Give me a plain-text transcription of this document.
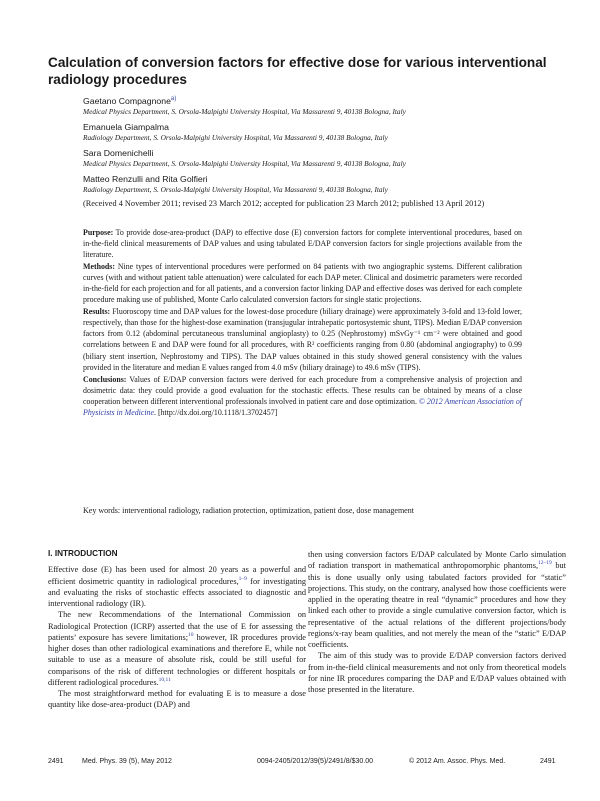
Calculation of conversion factors for effective dose for various interventional radiology procedures
Gaetano Compagnone$^{a)}$
Medical Physics Department, S. Orsola-Malpighi University Hospital, Via Massarenti 9, 40138 Bologna, Italy
Emanuela Giampalma
Radiology Department, S. Orsola-Malpighi University Hospital, Via Massarenti 9, 40138 Bologna, Italy
Sara Domenichelli
Medical Physics Department, S. Orsola-Malpighi University Hospital, Via Massarenti 9, 40138 Bologna, Italy
Matteo Renzulli and Rita Golfieri
Radiology Department, S. Orsola-Malpighi University Hospital, Via Massarenti 9, 40138 Bologna, Italy
(Received 4 November 2011; revised 23 March 2012; accepted for publication 23 March 2012; published 13 April 2012)

Purpose: To provide dose-area-product (DAP) to effective dose (E) conversion factors for complete interventional procedures, based on in-the-field clinical measurements of DAP values and using tabulated E/DAP conversion factors for single projections available from the literature.

Methods: Nine types of interventional procedures were performed on 84 patients with two angiographic systems. Different calibration curves (with and without patient table attenuation) were calculated for each DAP meter. Clinical and dosimetric parameters were recorded in-the-field for each projection and for all patients, and a conversion factor linking DAP and effective doses was derived for each complete procedure making use of published, Monte Carlo calculated conversion factors for single static projections.

Results: Fluoroscopy time and DAP values for the lowest-dose procedure (biliary drainage) were approximately 3-fold and 13-fold lower, respectively, than those for the highest-dose examination (transjugular intrahepatic portosystemic shunt, TIPS). Median E/DAP conversion factors from 0.12 (abdominal percutaneous transluminal angioplasty) to 0.25 (Nephrostomy) mSvGy⁻¹ cm⁻² were obtained and good correlations between E and DAP were found for all procedures, with R² coefficients ranging from 0.80 (abdominal angiography) to 0.99 (biliary stent insertion, Nephrostomy and TIPS). The DAP values obtained in this study showed general consistency with the values provided in the literature and median E values ranged from 4.0 mSv (biliary drainage) to 49.6 mSv (TIPS).

Conclusions: Values of E/DAP conversion factors were derived for each procedure from a comprehensive analysis of projection and dosimetric data: they could provide a good evaluation for the stochastic effects. These results can be obtained by means of a close cooperation between different interventional professionals involved in patient care and dose optimization. © 2012 American Association of Physicists in Medicine. [http://dx.doi.org/10.1118/1.3702457]

Key words: interventional radiology, radiation protection, optimization, patient dose, dose management
I. INTRODUCTION

Effective dose (E) has been used for almost 20 years as a powerful and efficient dosimetric quantity in radiological procedures,$^{1-9}$ for investigating and evaluating the risks of stochastic effects associated to diagnostic and interventional radiology (IR).

The new Recommendations of the International Commission on Radiological Protection (ICRP) asserted that the use of E for assessing the patients’ exposure has severe limitations;$^{10}$ however, IR procedures provide higher doses than other radiological examinations and therefore E, while not suitable to use as a measure of absolute risk, could be still useful for comparisons of the risk of different technologies or different hospitals or different radiological procedures.$^{10,11}$

The most straightforward method for evaluating E is to measure a dose quantity like dose-area-product (DAP) and

then using conversion factors E/DAP calculated by Monte Carlo simulation of radiation transport in mathematical anthropomorphic phantoms,$^{12-19}$ but this is done usually only using tabulated factors provided for “static” projections. This study, on the contrary, analysed how those coefficients were applied in the operating theatre in real “dynamic” procedures and how they linked each other to provide a single cumulative conversion factor, which is representative of the actual relations of the different projections/body regions/x-ray beam qualities, and not merely the mean of the “static” E/DAP coefficients.

The aim of this study was to provide E/DAP conversion factors derived from in-the-field clinical measurements and not only from theoretical models for nine IR procedures comparing the DAP and E/DAP values obtained with those presented in the literature.

2491	Med. Phys. 39 (5), May 2012	0094-2405/2012/39(5)/2491/8/$30.00	© 2012 Am. Assoc. Phys. Med.	2491
